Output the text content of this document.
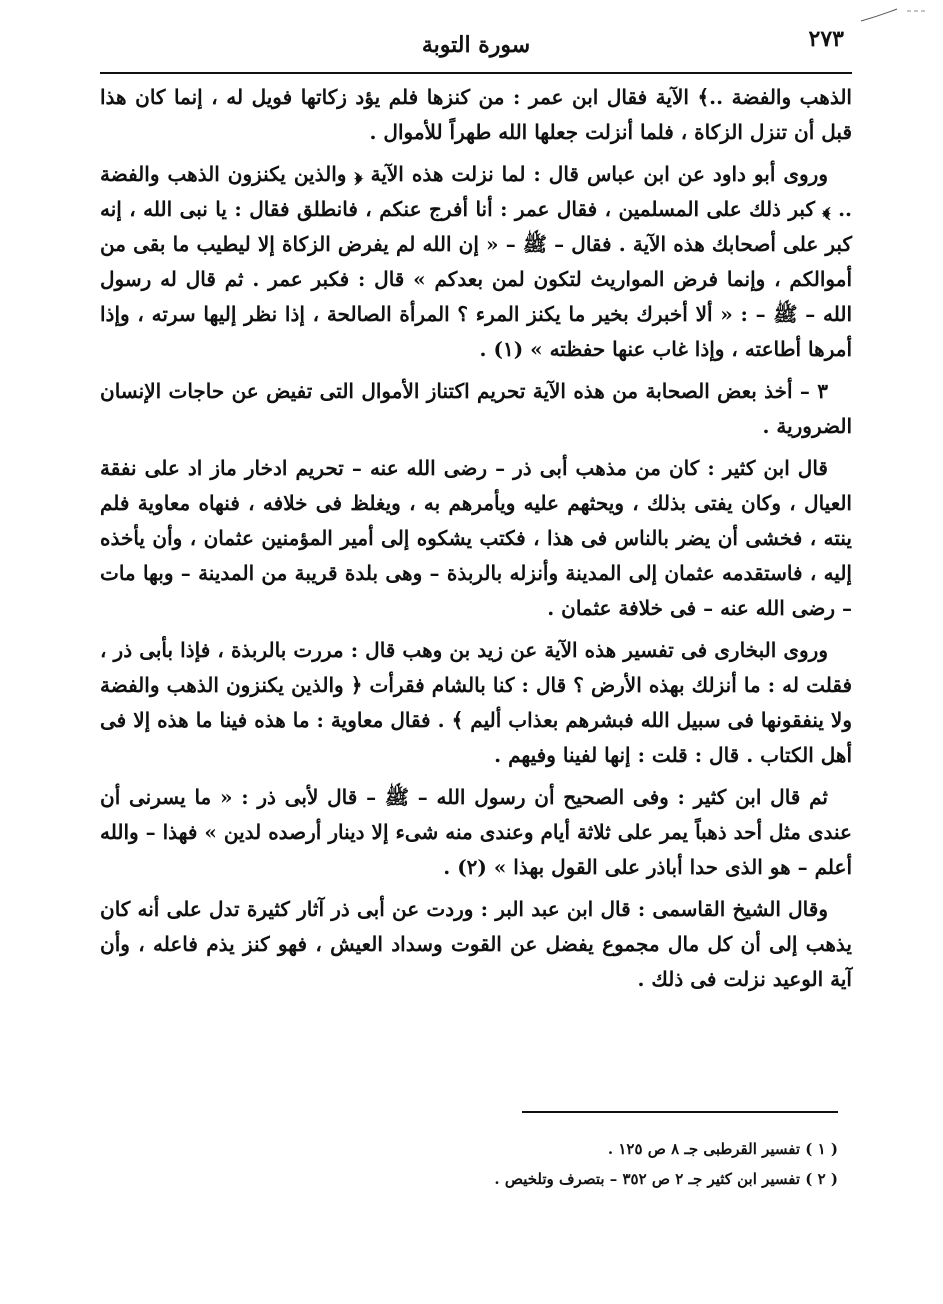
٢٧٣
سورة التوبة

الذهب والفضة ..﴾ الآية فقال ابن عمر : من كنزها فلم يؤد زكاتها فويل له ، إنما كان هذا قبل أن تنزل الزكاة ، فلما أنزلت جعلها الله طهراً للأموال .

وروى أبو داود عن ابن عباس قال : لما نزلت هذه الآية ﴿ والذين يكنزون الذهب والفضة .. ﴾ كبر ذلك على المسلمين ، فقال عمر : أنا أفرج عنكم ، فانطلق فقال : يا نبى الله ، إنه كبر على أصحابك هذه الآية . فقال – ﷺ – « إن الله لم يفرض الزكاة إلا ليطيب ما بقى من أموالكم ، وإنما فرض المواريث لتكون لمن بعدكم » قال : فكبر عمر . ثم قال له رسول الله – ﷺ – : « ألا أخبرك بخير ما يكنز المرء ؟ المرأة الصالحة ، إذا نظر إليها سرته ، وإذا أمرها أطاعته ، وإذا غاب عنها حفظته » (١) .

٣ – أخذ بعض الصحابة من هذه الآية تحريم اكتناز الأموال التى تفيض عن حاجات الإنسان الضرورية .

قال ابن كثير : كان من مذهب أبى ذر – رضى الله عنه – تحريم ادخار ماز اد على نفقة العيال ، وكان يفتى بذلك ، ويحثهم عليه ويأمرهم به ، ويغلظ فى خلافه ، فنهاه معاوية فلم ينته ، فخشى أن يضر بالناس فى هذا ، فكتب يشكوه إلى أمير المؤمنين عثمان ، وأن يأخذه إليه ، فاستقدمه عثمان إلى المدينة وأنزله بالربذة – وهى بلدة قريبة من المدينة – وبها مات – رضى الله عنه – فى خلافة عثمان .

وروى البخارى فى تفسير هذه الآية عن زيد بن وهب قال : مررت بالربذة ، فإذا بأبى ذر ، فقلت له : ما أنزلك بهذه الأرض ؟ قال : كنا بالشام فقرأت ﴿ والذين يكنزون الذهب والفضة ولا ينفقونها فى سبيل الله فبشرهم بعذاب أليم ﴾ . فقال معاوية : ما هذه فينا ما هذه إلا فى أهل الكتاب . قال : قلت : إنها لفينا وفيهم .

ثم قال ابن كثير : وفى الصحيح أن رسول الله – ﷺ – قال لأبى ذر : « ما يسرنى أن عندى مثل أحد ذهباً يمر على ثلاثة أيام وعندى منه شىء إلا دينار أرصده لدين » فهذا – والله أعلم – هو الذى حدا أباذر على القول بهذا » (٢) .

وقال الشيخ القاسمى : قال ابن عبد البر : وردت عن أبى ذر آثار كثيرة تدل على أنه كان يذهب إلى أن كل مال مجموع يفضل عن القوت وسداد العيش ، فهو كنز يذم فاعله ، وأن آية الوعيد نزلت فى ذلك .

( ١ ) تفسير القرطبى جـ ٨ ص ١٢٥ .
( ٢ ) تفسير ابن كثير جـ ٢ ص ٣٥٢ – بتصرف وتلخيص .
